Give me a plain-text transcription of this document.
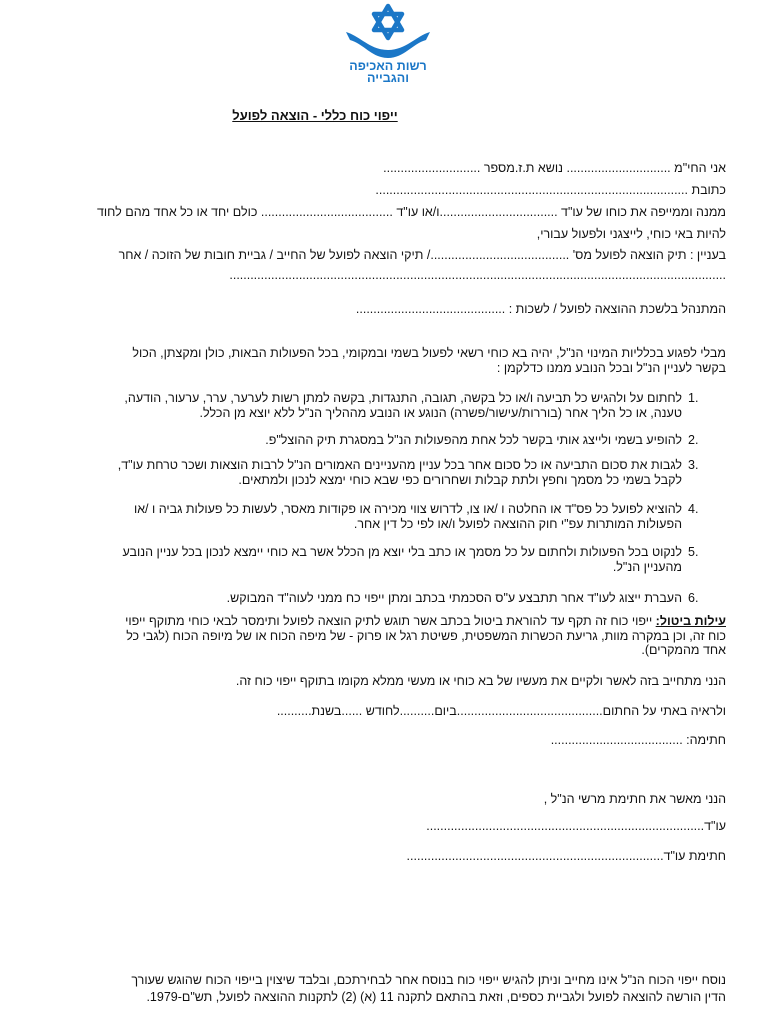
רשות האכיפה
והגבייה
ייפוי כוח כללי - הוצאה לפועל
אני החי"מ .............................. נושא ת.ז.מספר ............................
כתובת ..........................................................................................
ממנה וממייפה את כוחו של עו"ד ..................................ו/או עו"ד ...................................... כולם יחד או כל אחד מהם לחוד
להיות באי כוחי, לייצגני ולפעול עבורי,
בעניין : תיק הוצאה לפועל מס' ......................................../ תיקי הוצאה לפועל של החייב / גביית חובות של הזוכה / אחר
...............................................................................................................................................
המתנהל בלשכת ההוצאה לפועל / לשכות : ...........................................
מבלי לפגוע בכלליות המינוי הנ"ל, יהיה בא כוחי רשאי לפעול בשמי ובמקומי, בכל הפעולות הבאות, כולן ומקצתן, הכול
בקשר לעניין הנ"ל ובכל הנובע ממנו כדלקמן :
לחתום על ולהגיש כל תביעה ו/או כל בקשה, תגובה, התנגדות, בקשה למתן רשות לערער, ערר, ערעור, הודעה,
טענה, או כל הליך אחר (בוררות/עישור/פשרה) הנוגע או הנובע מההליך הנ"ל ללא יוצא מן הכלל.
1.
להופיע בשמי ולייצג אותי בקשר לכל אחת מהפעולות הנ"ל במסגרת תיק ההוצל"פ. 2.
לגבות את סכום התביעה או כל סכום אחר בכל עניין מהעניינים האמורים הנ"ל לרבות הוצאות ושכר טרחת עו"ד,
לקבל בשמי כל מסמך וחפץ ולתת קבלות ושחרורים כפי שבא כוחי ימצא לנכון ולמתאים.
3.
להוציא לפועל כל פס"ד או החלטה ו /או צו, לדרוש צווי מכירה או פקודות מאסר, לעשות כל פעולות גביה ו /או
הפעולות המותרות עפ"י חוק ההוצאה לפועל ו/או לפי כל דין אחר.
4.
לנקוט בכל הפעולות ולחתום על כל מסמך או כתב בלי יוצא מן הכלל אשר בא כוחי יימצא לנכון בכל עניין הנובע
מהעניין הנ"ל.
5.
העברת ייצוג לעו"ד אחר תתבצע ע"ס הסכמתי בכתב ומתן ייפוי כח ממני לעוה"ד המבוקש. 6.
עילות ביטול: ייפוי כוח זה תקף עד להוראת ביטול בכתב אשר תוגש לתיק הוצאה לפועל ותימסר לבאי כוחי מתוקף ייפוי
כוח זה, וכן במקרה מוות, גריעת הכשרות המשפטית, פשיטת רגל או פרוק - של מיפה הכוח או של מיופה הכוח (לגבי כל
אחד מהמקרים).
הנני מתחייב בזה לאשר ולקיים את מעשיו של בא כוחי או מעשי ממלא מקומו בתוקף ייפוי כוח זה.
ולראיה באתי על החתום..........................................ביום..........לחודש ......בשנת..........
חתימה: ......................................
הנני מאשר את חתימת מרשי הנ"ל ,
עו"ד................................................................................
חתימת עו"ד..........................................................................
נוסח ייפוי הכוח הנ"ל אינו מחייב וניתן להגיש ייפוי כוח בנוסח אחר לבחירתכם, ובלבד שיצוין בייפוי הכוח שהוגש שעורך
הדין הורשה להוצאה לפועל ולגביית כספים, וזאת בהתאם לתקנה 11 (א) (2) לתקנות ההוצאה לפועל, תש"ם-1979.
